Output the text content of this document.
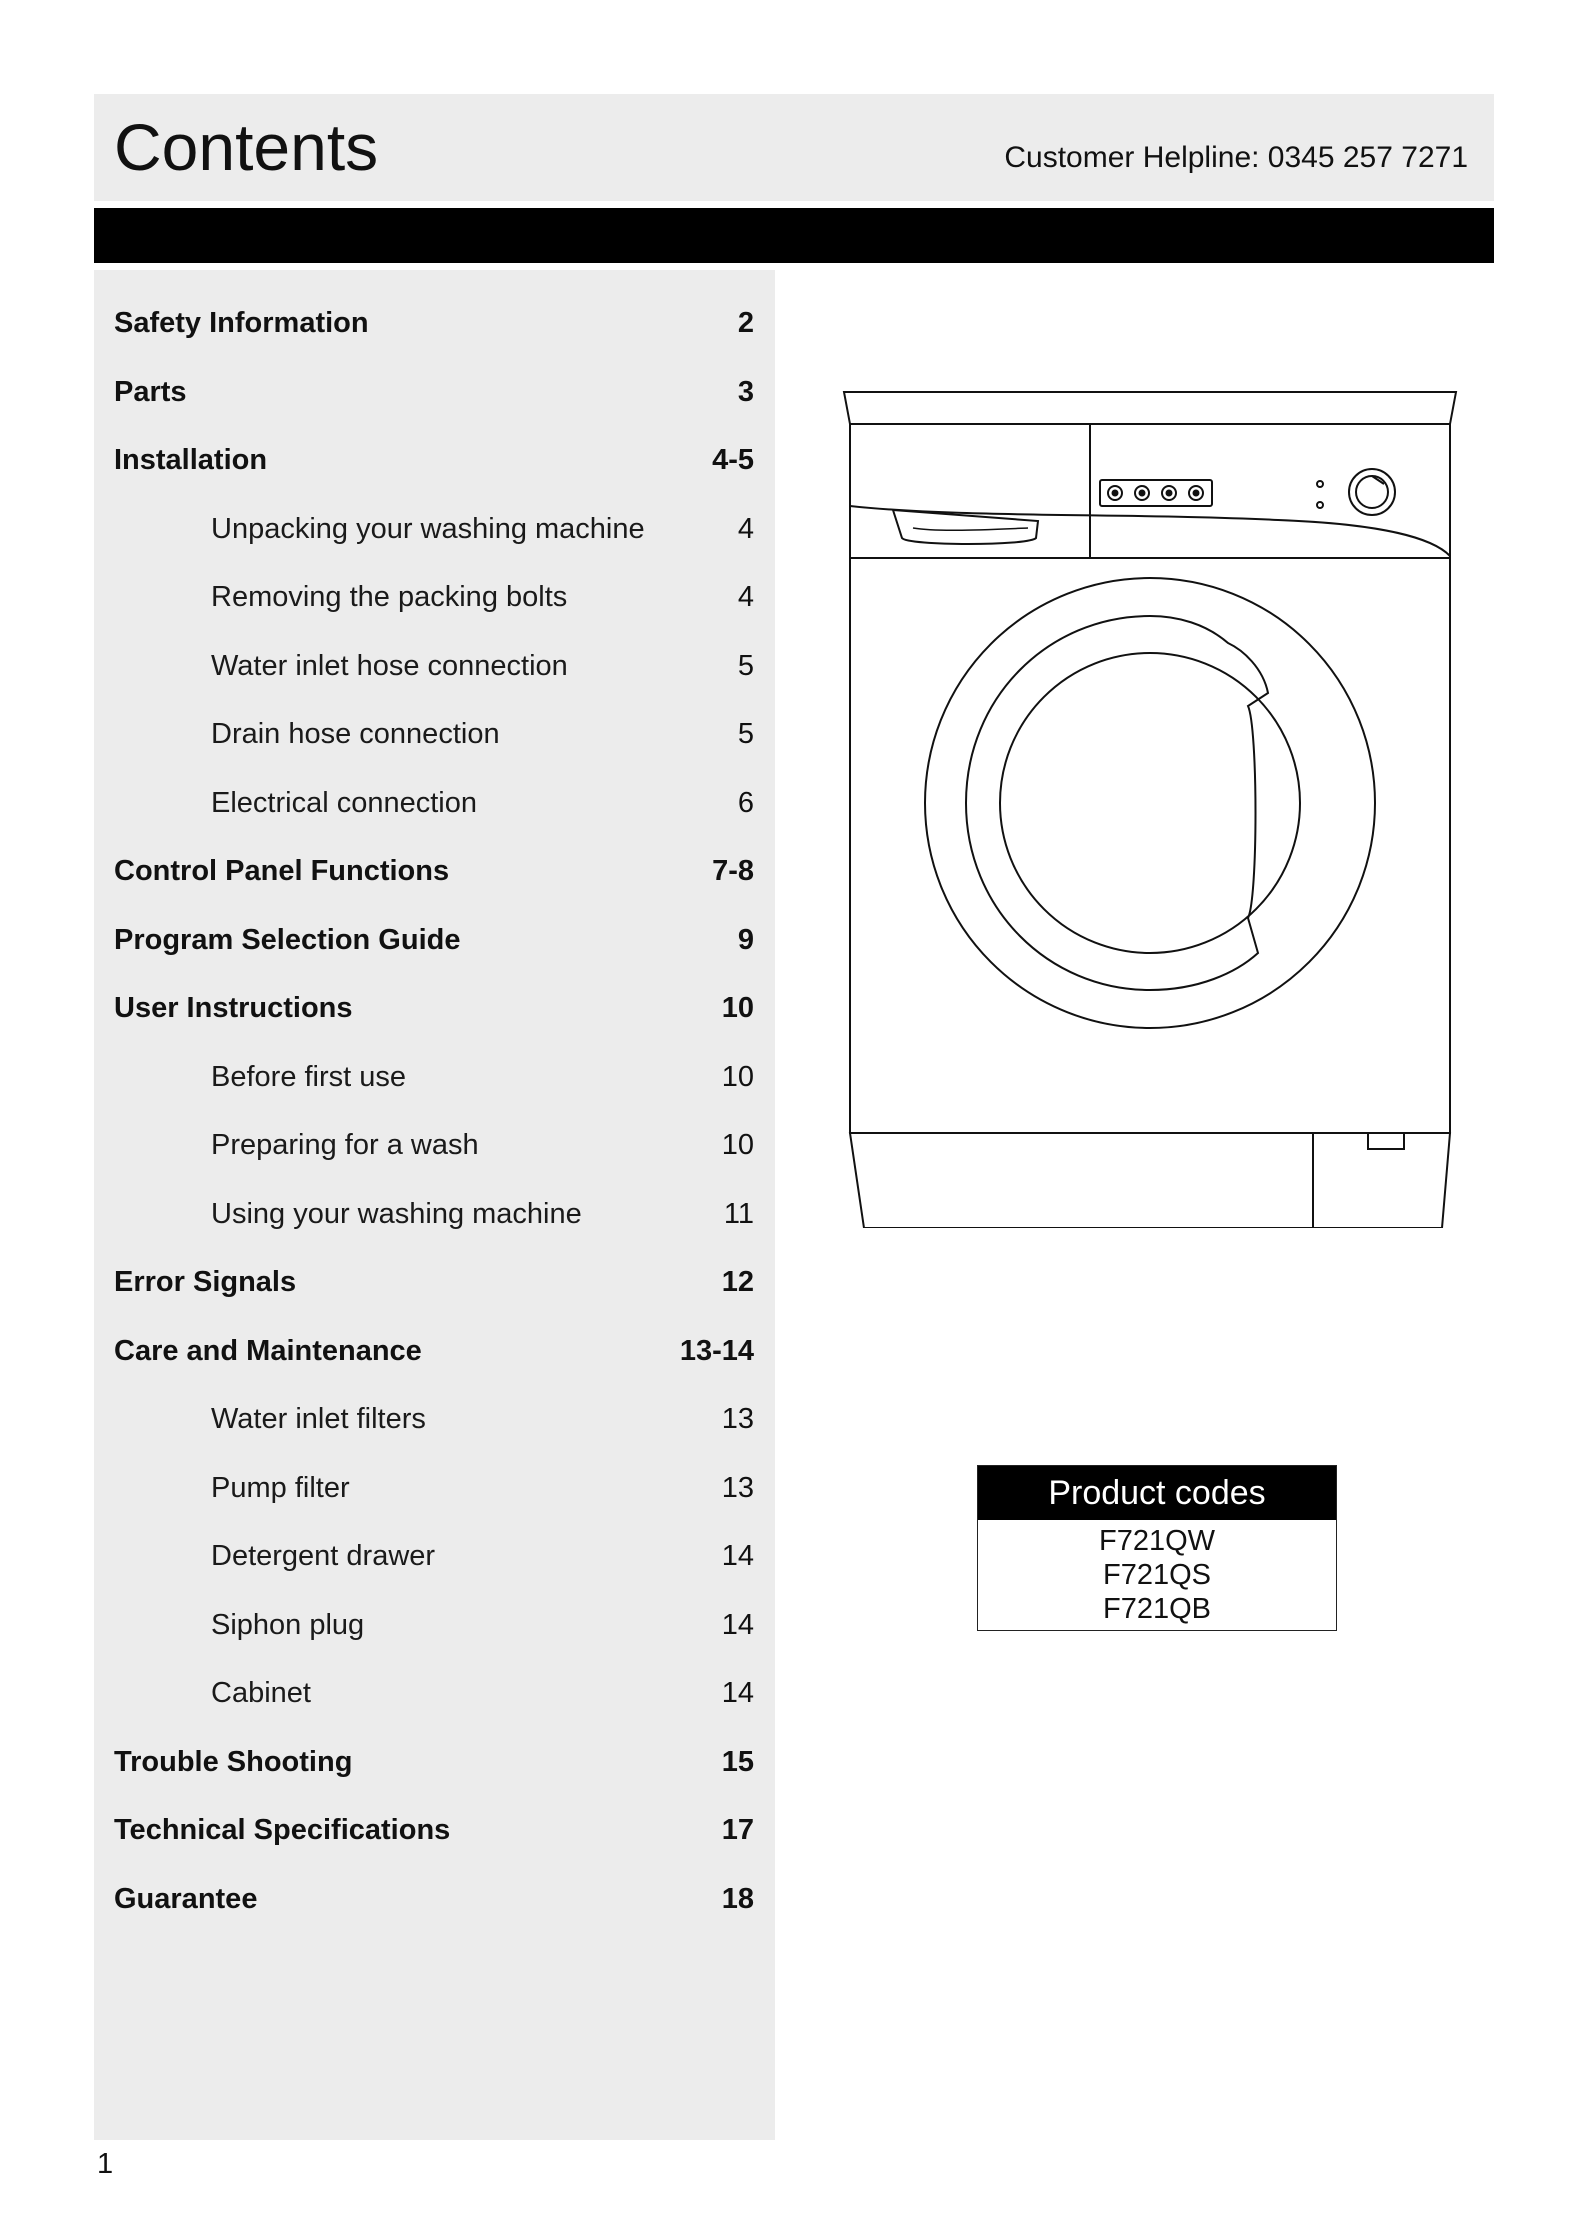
Contents	Customer Helpline: 0345 257 7271
Safety Information	2
Parts	3
Installation	4-5
Unpacking your washing machine	4
Removing the packing bolts	4
Water inlet hose connection	5
Drain hose connection	5
Electrical connection	6
Control Panel Functions	7-8
Program Selection Guide	9
User Instructions	10
Before first use	10
Preparing for a wash	10
Using your washing machine	11
Error Signals	12
Care and Maintenance	13-14
Water inlet filters	13
Pump filter	13
Detergent drawer	14
Siphon plug	14
Cabinet	14
Trouble Shooting	15
Technical Specifications	17
Guarantee	18
Product codes
F721QW
F721QS
F721QB
1
